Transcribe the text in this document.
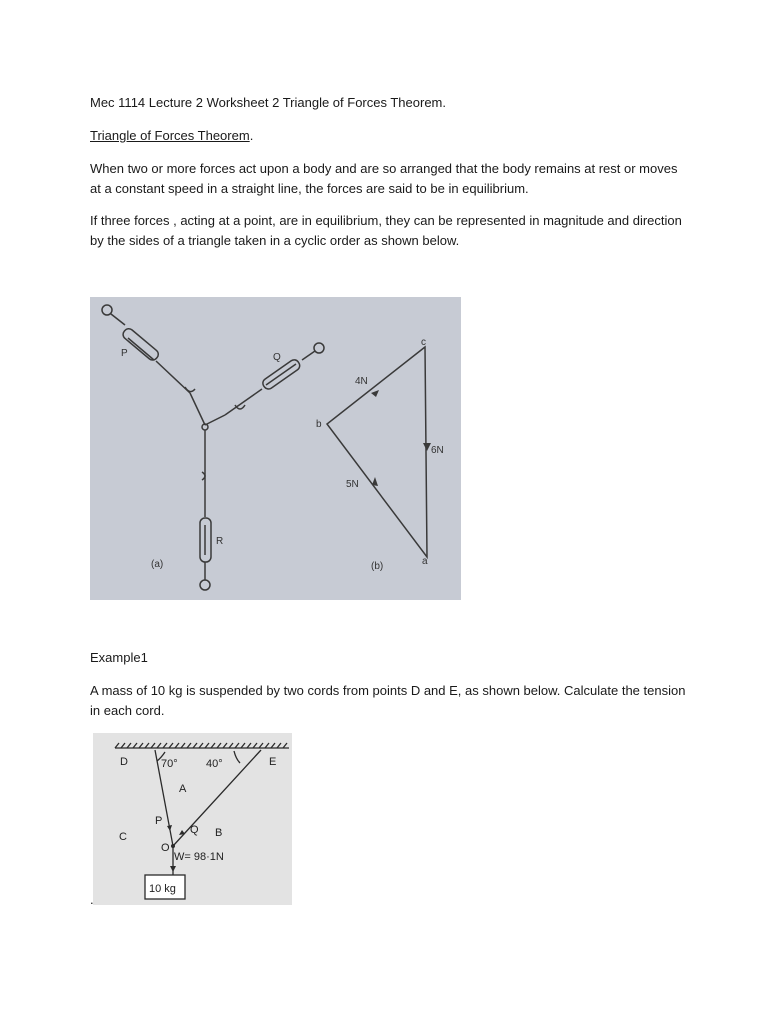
Mec 1114 Lecture 2 Worksheet 2 Triangle of Forces Theorem.

Triangle of Forces Theorem.

When two or more forces act upon a body and are so arranged that the body remains at rest or moves at a constant speed in a straight line, the forces are said to be in equilibrium.

If three forces , acting at a point, are in equilibrium, they can be represented in magnitude and direction by the sides of a triangle taken in a cyclic order as shown below.

P	Q
R
(a)	(b)
c
b
a
4N
6N
5N

Example1

A mass of 10 kg is suspended by two cords from points D and E, as shown below. Calculate the tension in each cord.

D	E
70°	40°
A
B
C
P
Q
O
W= 98·1N
10 kg

.
